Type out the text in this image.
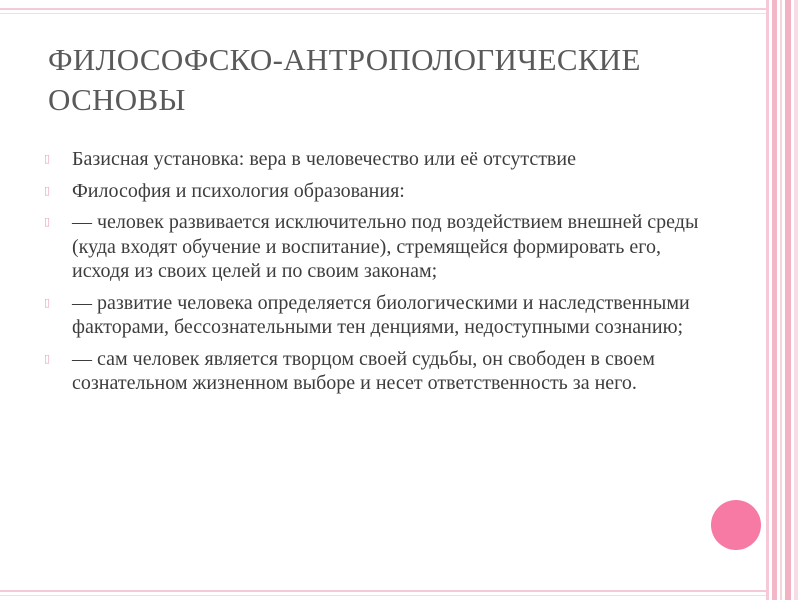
ФИЛОСОФСКО-АНТРОПОЛОГИЧЕСКИЕ ОСНОВЫ
▯ Базисная установка: вера в человечество или её отсутствие
▯ Философия и психология образования:
▯ — человек развивается исключительно под воздействием внешней среды (куда входят обучение и воспитание), стремящейся формировать его, исходя из своих целей и по своим законам;
▯ — развитие человека определяется биологическими и наследственными факторами, бессознательными тен денциями, недоступными сознанию;
▯ — сам человек является творцом своей судьбы, он свободен в своем сознательном жизненном выборе и несет ответственность за него.
